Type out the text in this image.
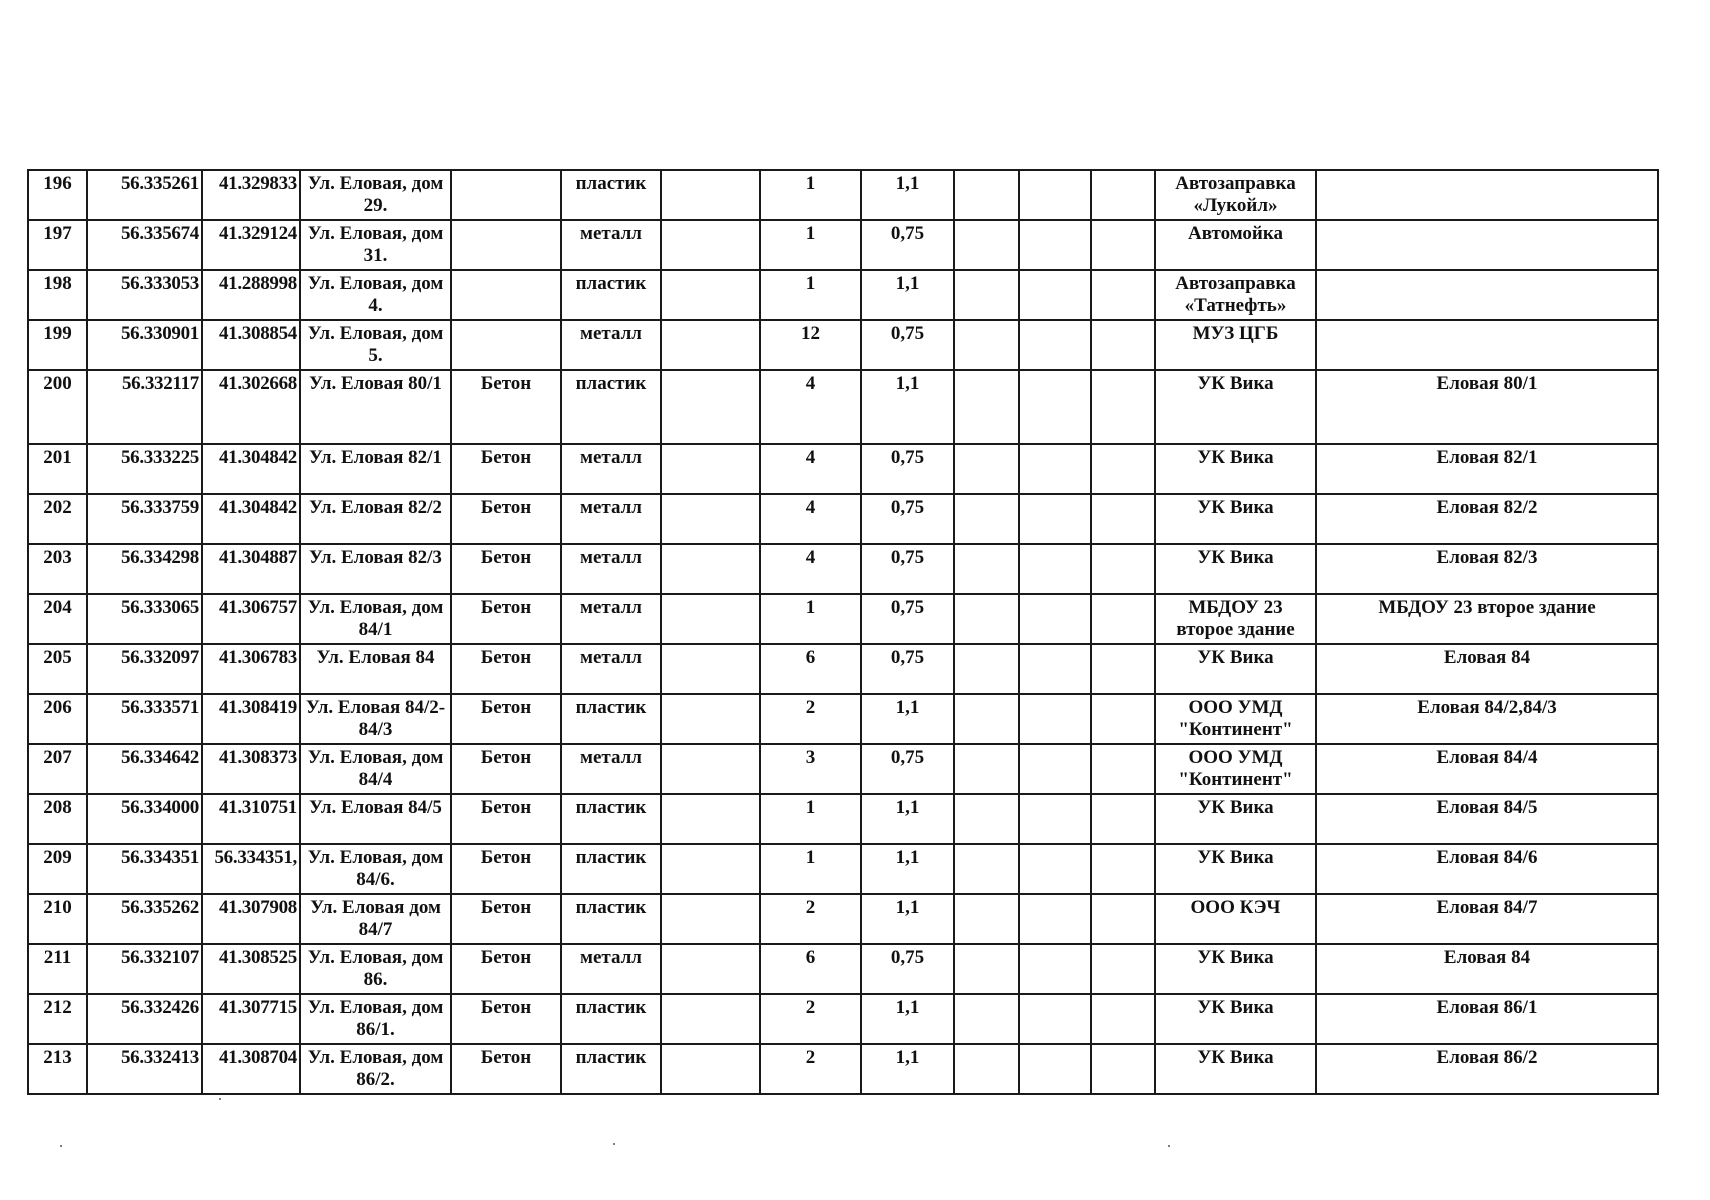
196	56.335261	41.329833	Ул. Еловая, дом 29.		пластик		1	1,1				Автозаправка «Лукойл»	
197	56.335674	41.329124	Ул. Еловая, дом 31.		металл		1	0,75				Автомойка	
198	56.333053	41.288998	Ул. Еловая, дом 4.		пластик		1	1,1				Автозаправка «Татнефть»	
199	56.330901	41.308854	Ул. Еловая, дом 5.		металл		12	0,75				МУЗ ЦГБ	
200	56.332117	41.302668	Ул. Еловая 80/1	Бетон	пластик		4	1,1				УК Вика	Еловая 80/1
201	56.333225	41.304842	Ул. Еловая 82/1	Бетон	металл		4	0,75				УК Вика	Еловая 82/1
202	56.333759	41.304842	Ул. Еловая 82/2	Бетон	металл		4	0,75				УК Вика	Еловая 82/2
203	56.334298	41.304887	Ул. Еловая 82/3	Бетон	металл		4	0,75				УК Вика	Еловая 82/3
204	56.333065	41.306757	Ул. Еловая, дом 84/1	Бетон	металл		1	0,75				МБДОУ 23 второе здание	МБДОУ 23 второе здание
205	56.332097	41.306783	Ул. Еловая 84	Бетон	металл		6	0,75				УК Вика	Еловая 84
206	56.333571	41.308419	Ул. Еловая 84/2-84/3	Бетон	пластик		2	1,1				ООО УМД "Континент"	Еловая 84/2,84/3
207	56.334642	41.308373	Ул. Еловая, дом 84/4	Бетон	металл		3	0,75				ООО УМД "Континент"	Еловая 84/4
208	56.334000	41.310751	Ул. Еловая 84/5	Бетон	пластик		1	1,1				УК Вика	Еловая 84/5
209	56.334351	56.334351,	Ул. Еловая, дом 84/6.	Бетон	пластик		1	1,1				УК Вика	Еловая 84/6
210	56.335262	41.307908	Ул. Еловая дом 84/7	Бетон	пластик		2	1,1				ООО КЭЧ	Еловая 84/7
211	56.332107	41.308525	Ул. Еловая, дом 86.	Бетон	металл		6	0,75				УК Вика	Еловая 84
212	56.332426	41.307715	Ул. Еловая, дом 86/1.	Бетон	пластик		2	1,1				УК Вика	Еловая 86/1
213	56.332413	41.308704	Ул. Еловая, дом 86/2.	Бетон	пластик		2	1,1				УК Вика	Еловая 86/2
